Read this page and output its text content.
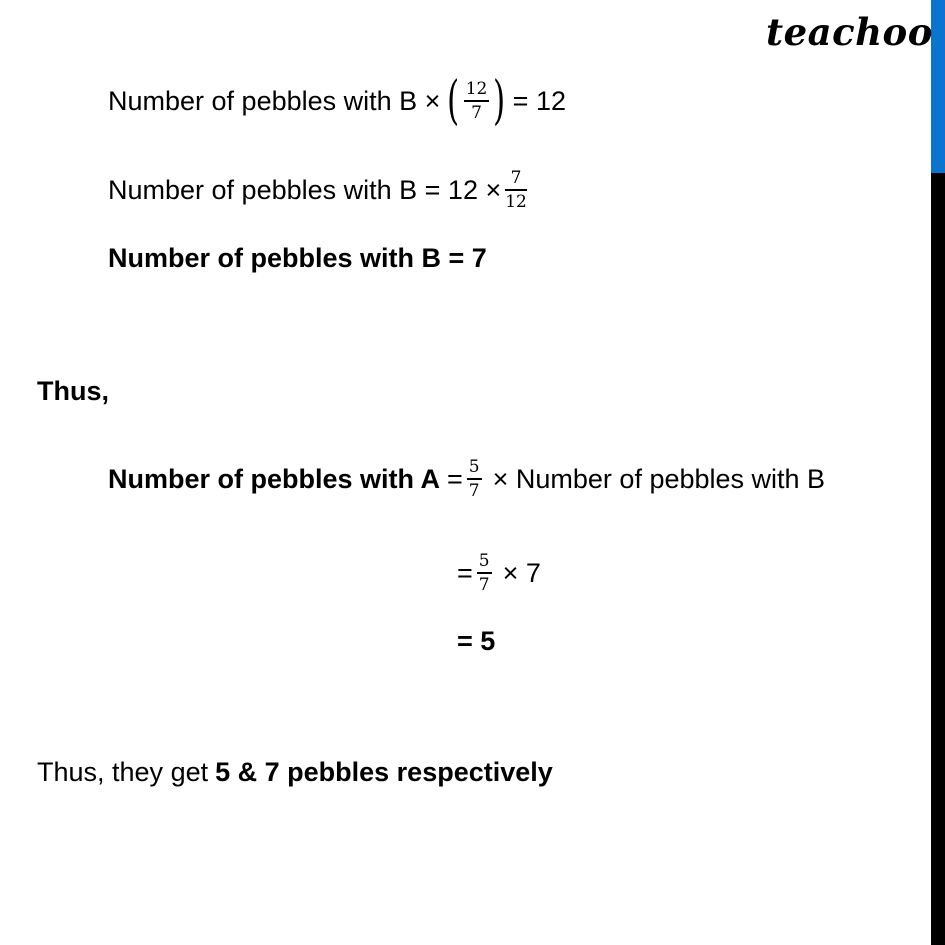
teachoo
Number of pebbles with B × ( $\frac{12}{7}$ ) = 12
Number of pebbles with $B = 12 \times \frac{7}{12}$
Number of pebbles with B = 7
Thus,
Number of pebbles with $A = \frac{5}{7}$ × Number of pebbles with B
= $\frac{5}{7} \times 7$
= 5
Thus, they get 5 & 7 pebbles respectively
